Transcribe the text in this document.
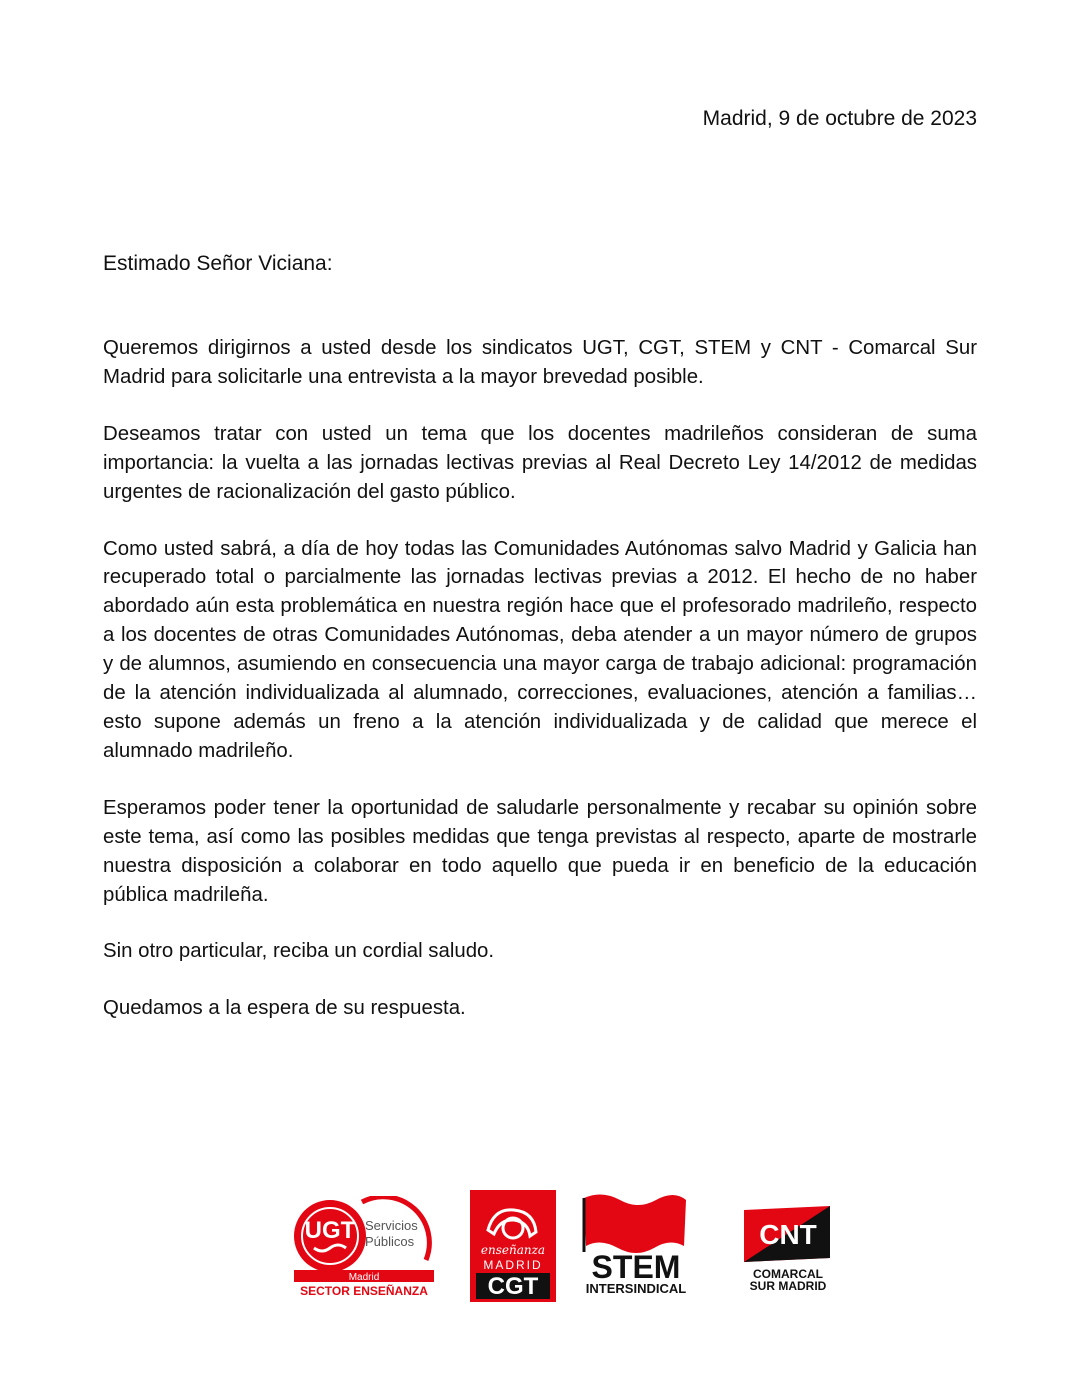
Madrid, 9 de octubre de 2023
Estimado Señor Viciana:

Queremos dirigirnos a usted desde los sindicatos UGT, CGT, STEM y CNT - Comarcal Sur Madrid para solicitarle una entrevista a la mayor brevedad posible.

Deseamos tratar con usted un tema que los docentes madrileños consideran de suma importancia: la vuelta a las jornadas lectivas previas al Real Decreto Ley 14/2012 de medidas urgentes de racionalización del gasto público.

Como usted sabrá, a día de hoy todas las Comunidades Autónomas salvo Madrid y Galicia han recuperado total o parcialmente las jornadas lectivas previas a 2012. El hecho de no haber abordado aún esta problemática en nuestra región hace que el profesorado madrileño, respecto a los docentes de otras Comunidades Autónomas, deba atender a un mayor número de grupos y de alumnos, asumiendo en consecuencia una mayor carga de trabajo adicional: programación de la atención individualizada al alumnado, correcciones, evaluaciones, atención a familias… esto supone además un freno a la atención individualizada y de calidad que merece el alumnado madrileño.

Esperamos poder tener la oportunidad de saludarle personalmente y recabar su opinión sobre este tema, así como las posibles medidas que tenga previstas al respecto, aparte de mostrarle nuestra disposición a colaborar en todo aquello que pueda ir en beneficio de la educación pública madrileña.

Sin otro particular, reciba un cordial saludo.

Quedamos a la espera de su respuesta.

UGT Servicios
Públicos
Madrid
SECTOR ENSEÑANZA
enseñanza
MADRID
CGT
STEM
INTERSINDICAL
CNT
COMARCAL
SUR MADRID
